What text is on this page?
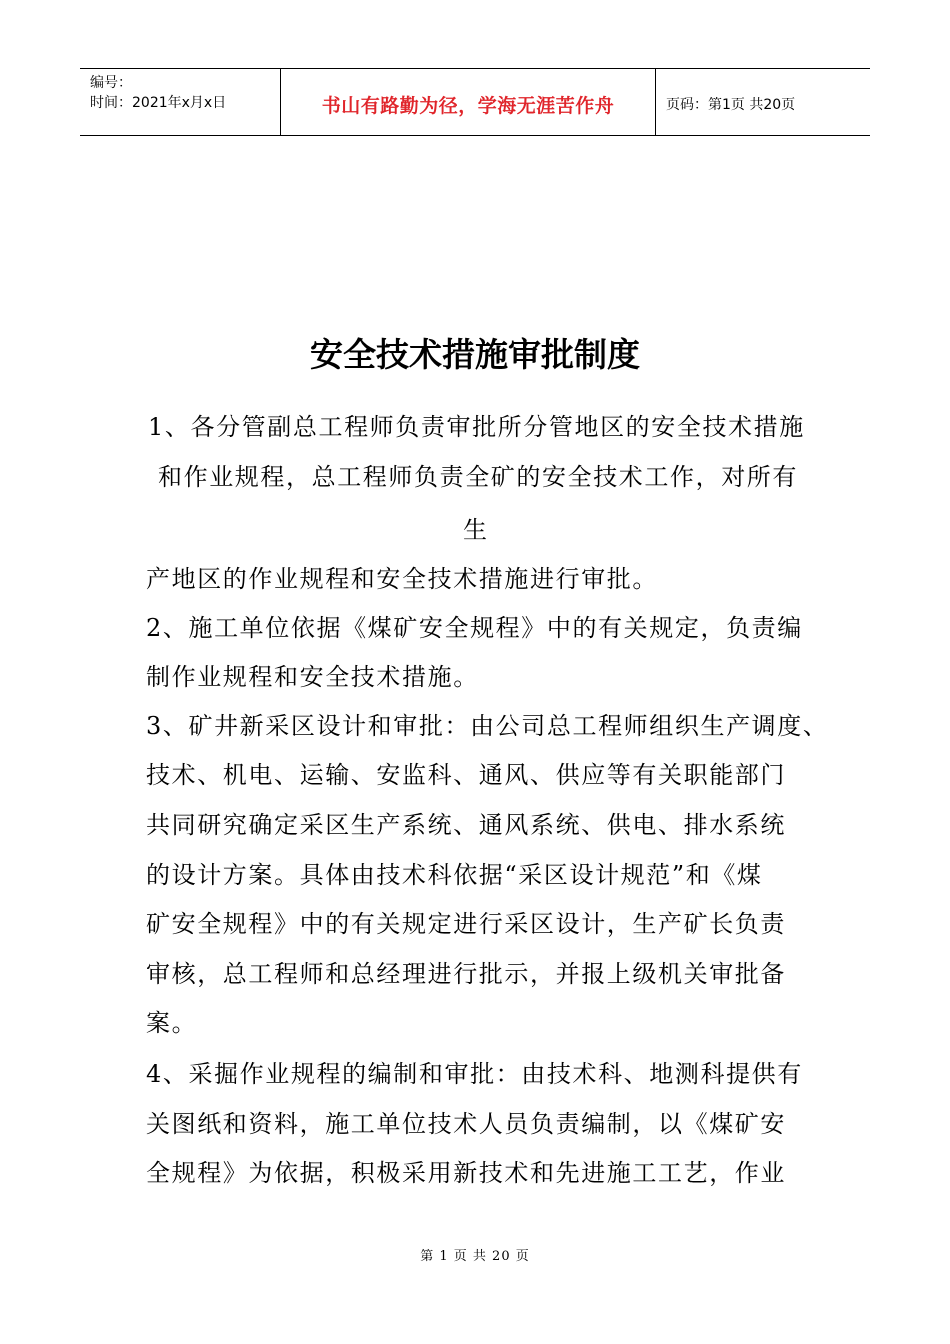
编号：
时间：2021年x月x日	书山有路勤为径，学海无涯苦作舟	页码：第1页 共20页
安全技术措施审批制度
1、各分管副总工程师负责审批所分管地区的安全技术措施
和作业规程，总工程师负责全矿的安全技术工作，对所有
生
产地区的作业规程和安全技术措施进行审批。
2、施工单位依据《煤矿安全规程》中的有关规定，负责编
制作业规程和安全技术措施。
3、矿井新采区设计和审批：由公司总工程师组织生产调度、
技术、机电、运输、安监科、通风、供应等有关职能部门
共同研究确定采区生产系统、通风系统、供电、排水系统
的设计方案。具体由技术科依据“采区设计规范”和《煤
矿安全规程》中的有关规定进行采区设计，生产矿长负责
审核，总工程师和总经理进行批示，并报上级机关审批备
案。
4、采掘作业规程的编制和审批：由技术科、地测科提供有
关图纸和资料，施工单位技术人员负责编制，以《煤矿安
全规程》为依据，积极采用新技术和先进施工工艺，作业
第 1 页 共 20 页
